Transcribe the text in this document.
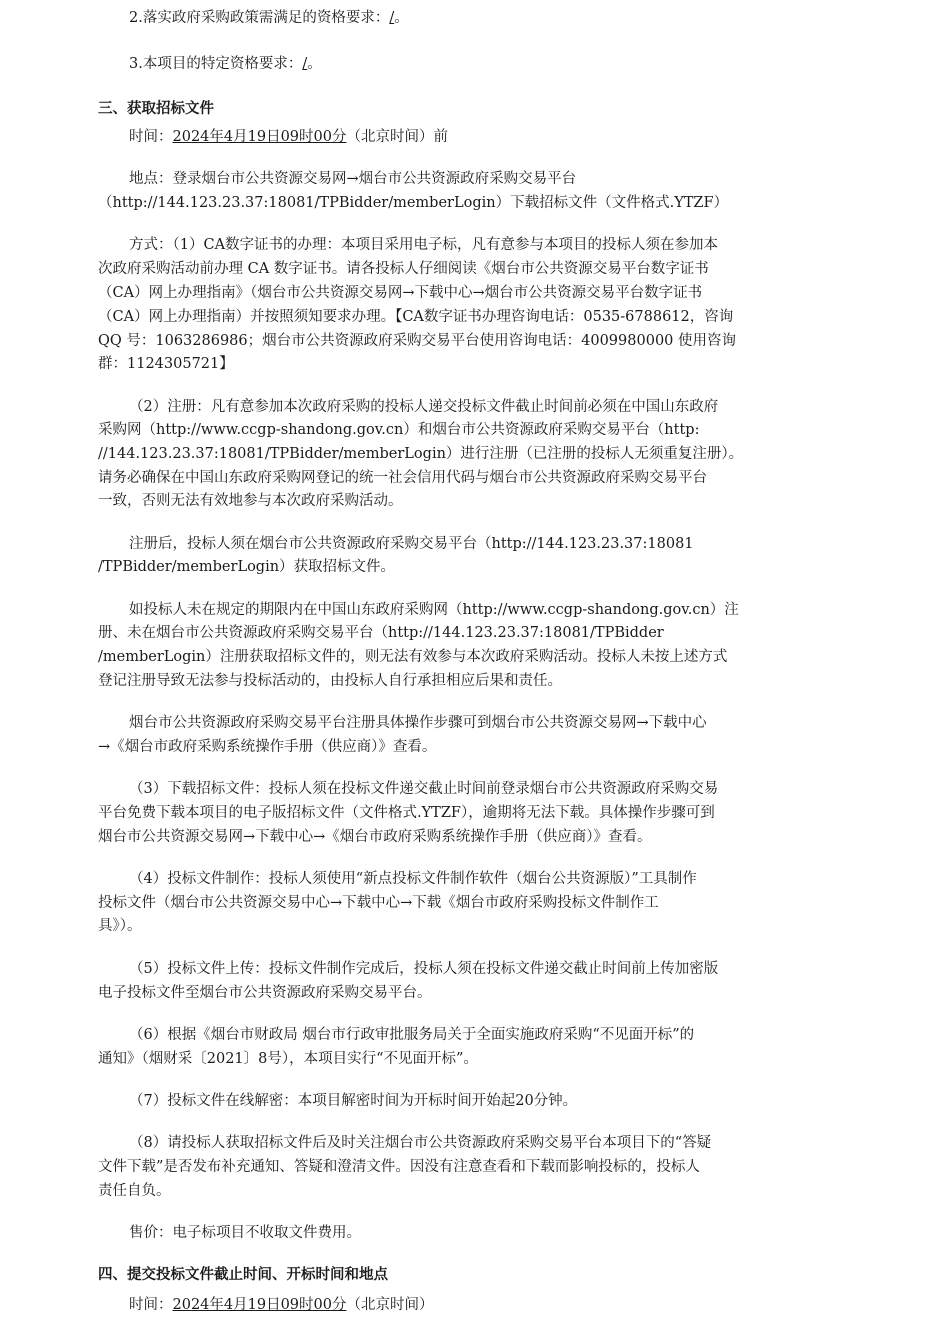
2.落实政府采购政策需满足的资格要求：/。
3.本项目的特定资格要求：/。
三、获取招标文件
时间：2024年4月19日09时00分（北京时间）前
地点：登录烟台市公共资源交易网→烟台市公共资源政府采购交易平台
（http://144.123.23.37:18081/TPBidder/memberLogin）下载招标文件（文件格式.YTZF）
方式：（1）CA数字证书的办理：本项目采用电子标，凡有意参与本项目的投标人须在参加本
次政府采购活动前办理 CA 数字证书。请各投标人仔细阅读《烟台市公共资源交易平台数字证书
（CA）网上办理指南》（烟台市公共资源交易网→下载中心→烟台市公共资源交易平台数字证书
（CA）网上办理指南）并按照须知要求办理。【CA数字证书办理咨询电话：0535-6788612，咨询
QQ 号：1063286986；烟台市公共资源政府采购交易平台使用咨询电话：4009980000 使用咨询
群：1124305721】
（2）注册：凡有意参加本次政府采购的投标人递交投标文件截止时间前必须在中国山东政府
采购网（http://www.ccgp-shandong.gov.cn）和烟台市公共资源政府采购交易平台（http:
//144.123.23.37:18081/TPBidder/memberLogin）进行注册（已注册的投标人无须重复注册）。
请务必确保在中国山东政府采购网登记的统一社会信用代码与烟台市公共资源政府采购交易平台
一致，否则无法有效地参与本次政府采购活动。
注册后，投标人须在烟台市公共资源政府采购交易平台（http://144.123.23.37:18081
/TPBidder/memberLogin）获取招标文件。
如投标人未在规定的期限内在中国山东政府采购网（http://www.ccgp-shandong.gov.cn）注
册、未在烟台市公共资源政府采购交易平台（http://144.123.23.37:18081/TPBidder
/memberLogin）注册获取招标文件的，则无法有效参与本次政府采购活动。投标人未按上述方式
登记注册导致无法参与投标活动的，由投标人自行承担相应后果和责任。
烟台市公共资源政府采购交易平台注册具体操作步骤可到烟台市公共资源交易网→下载中心
→《烟台市政府采购系统操作手册（供应商）》查看。
（3）下载招标文件：投标人须在投标文件递交截止时间前登录烟台市公共资源政府采购交易
平台免费下载本项目的电子版招标文件（文件格式.YTZF），逾期将无法下载。具体操作步骤可到
烟台市公共资源交易网→下载中心→《烟台市政府采购系统操作手册（供应商）》查看。
（4）投标文件制作：投标人须使用“新点投标文件制作软件（烟台公共资源版）”工具制作
投标文件（烟台市公共资源交易中心→下载中心→下载《烟台市政府采购投标文件制作工
具》）。
（5）投标文件上传：投标文件制作完成后，投标人须在投标文件递交截止时间前上传加密版
电子投标文件至烟台市公共资源政府采购交易平台。
（6）根据《烟台市财政局 烟台市行政审批服务局关于全面实施政府采购“不见面开标”的
通知》（烟财采〔2021〕8号），本项目实行“不见面开标”。
（7）投标文件在线解密：本项目解密时间为开标时间开始起20分钟。
（8）请投标人获取招标文件后及时关注烟台市公共资源政府采购交易平台本项目下的“答疑
文件下载”是否发布补充通知、答疑和澄清文件。因没有注意查看和下载而影响投标的，投标人
责任自负。
售价：电子标项目不收取文件费用。
四、提交投标文件截止时间、开标时间和地点
时间：2024年4月19日09时00分（北京时间）
